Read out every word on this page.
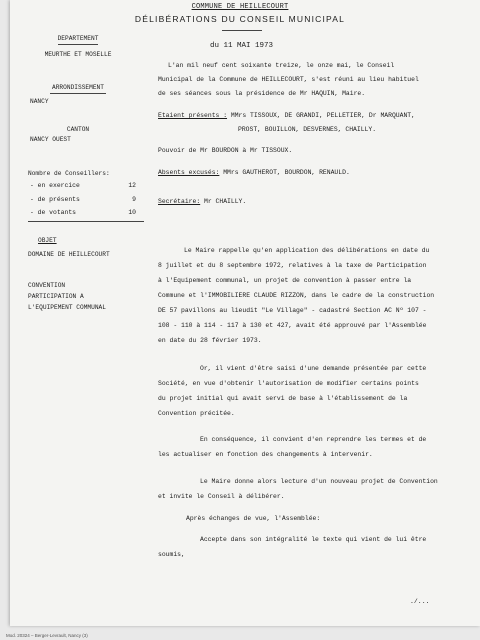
COMMUNE DE HEILLECOURT
DÉLIBÉRATIONS DU CONSEIL MUNICIPAL
DEPARTEMENT
MEURTHE ET MOSELLE
ARRONDISSEMENT
NANCY
CANTON
NANCY OUEST
Nombre de Conseillers:
- en exercice	12
- de présents	9
- de votants	10
OBJET
DOMAINE DE HEILLECOURT
CONVENTION
PARTICIPATION A
L'EQUIPEMENT COMMUNAL
du 11 MAI 1973
L'an mil neuf cent soixante treize, le onze mai, le Conseil
Municipal de la Commune de HEILLECOURT, s'est réuni au lieu habituel
de ses séances sous la présidence de Mr HAQUIN, Maire.
Etaient présents : MMrs TISSOUX, DE GRANDI, PELLETIER, Dr MARQUANT,
PROST, BOUILLON, DESVERNES, CHAILLY.
Pouvoir de Mr BOURDON à Mr TISSOUX.
Absents excusés: MMrs GAUTHEROT, BOURDON, RENAULD.
Secrétaire: Mr CHAILLY.
Le Maire rappelle qu'en application des délibérations en date du
8 juillet et du 8 septembre 1972, relatives à la taxe de Participation
à l'Equipement communal, un projet de convention à passer entre la
Commune et l'IMMOBILIERE CLAUDE RIZZON, dans le cadre de la construction
DE 57 pavillons au lieudit "Le Village" - cadastré Section AC Nº 107 -
108 - 110 à 114 - 117 à 130 et 427, avait été approuvé par l'Assemblée
en date du 28 février 1973.
Or, il vient d'être saisi d'une demande présentée par cette
Société, en vue d'obtenir l'autorisation de modifier certains points
du projet initial qui avait servi de base à l'établissement de la
Convention précitée.
En conséquence, il convient d'en reprendre les termes et de
les actualiser en fonction des changements à intervenir.
Le Maire donne alors lecture d'un nouveau projet de Convention
et invite le Conseil à délibérer.
Après échanges de vue, l'Assemblée:
Accepte dans son intégralité le texte qui vient de lui être
soumis,
./...
Mod. 20324 – Berger-Levrault, Nancy (3)
